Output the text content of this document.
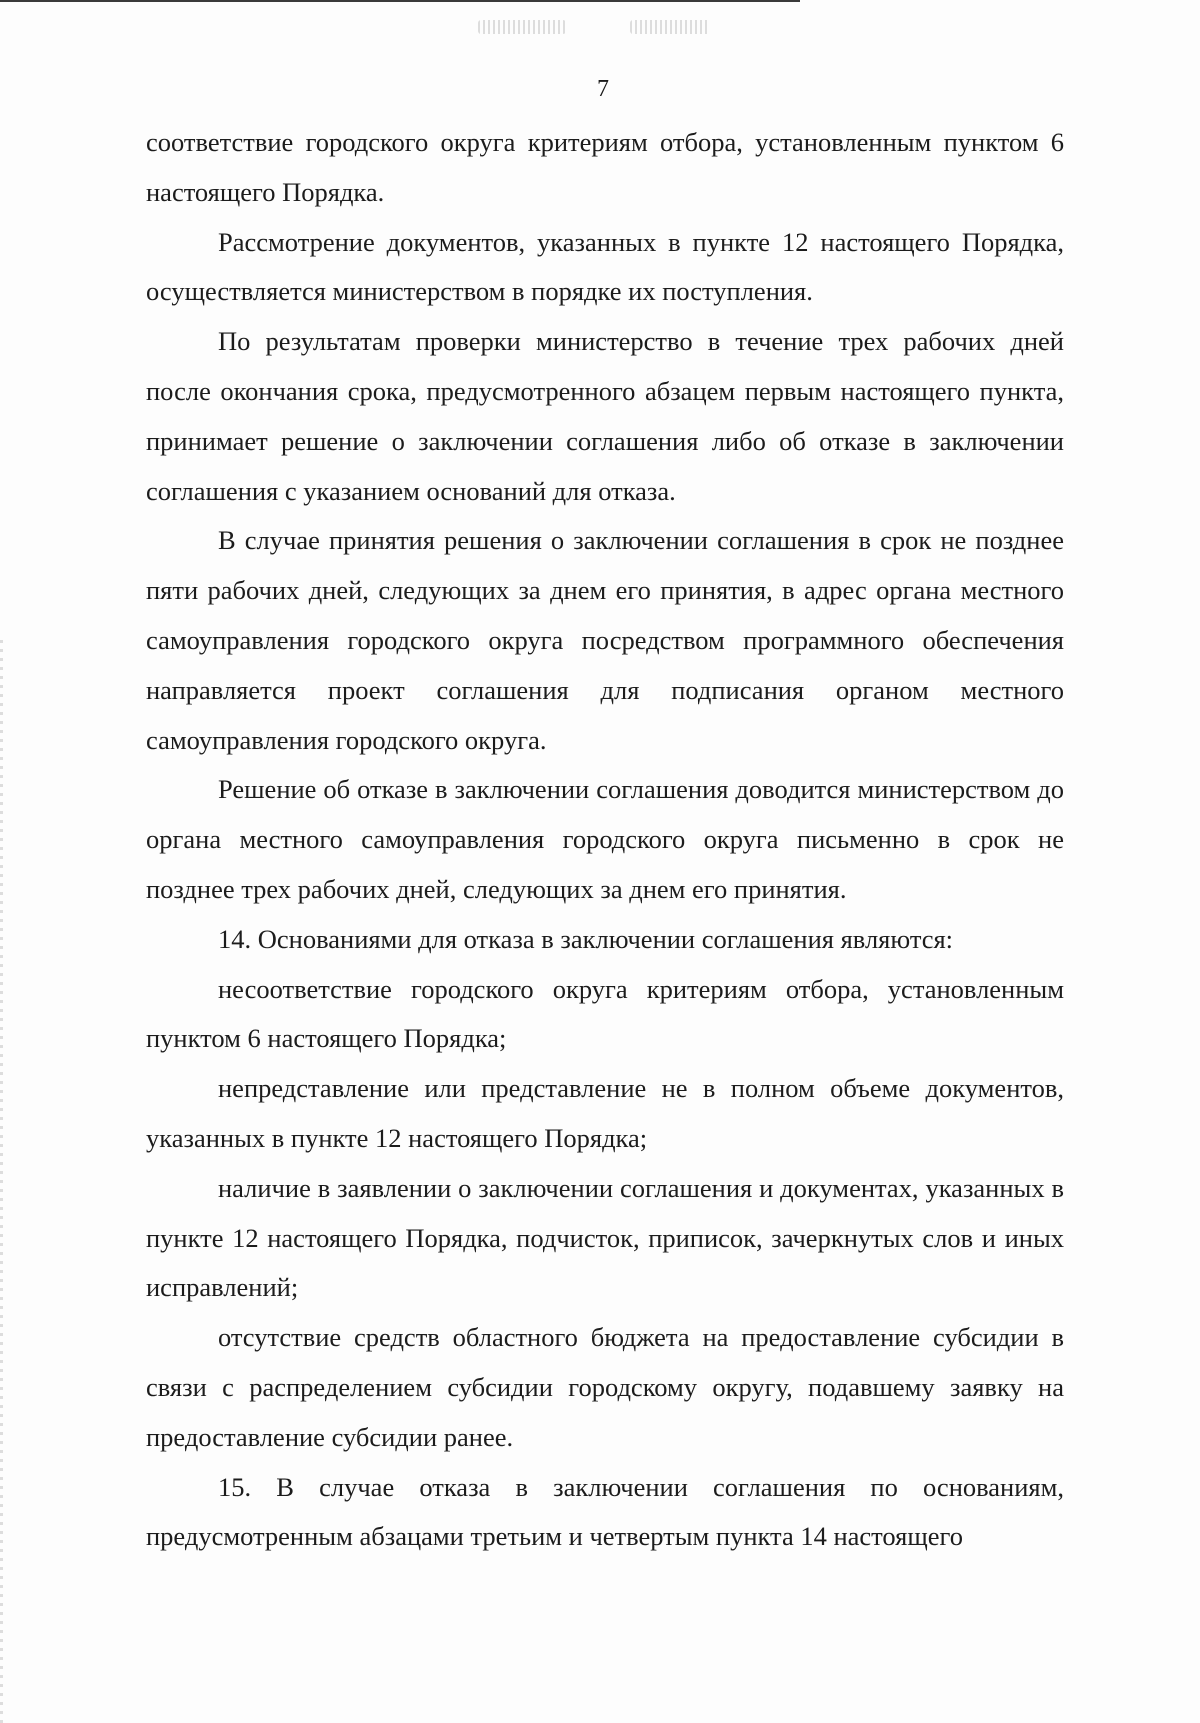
7

соответствие городского округа критериям отбора, установленным пунктом 6 настоящего Порядка.

Рассмотрение документов, указанных в пункте 12 настоящего Порядка, осуществляется министерством в порядке их поступления.

По результатам проверки министерство в течение трех рабочих дней после окончания срока, предусмотренного абзацем первым настоящего пункта, принимает решение о заключении соглашения либо об отказе в заключении соглашения с указанием оснований для отказа.

В случае принятия решения о заключении соглашения в срок не позднее пяти рабочих дней, следующих за днем его принятия, в адрес органа местного самоуправления городского округа посредством программного обеспечения направляется проект соглашения для подписания органом местного самоуправления городского округа.

Решение об отказе в заключении соглашения доводится министерством до органа местного самоуправления городского округа письменно в срок не позднее трех рабочих дней, следующих за днем его принятия.

14. Основаниями для отказа в заключении соглашения являются:

несоответствие городского округа критериям отбора, установленным пунктом 6 настоящего Порядка;

непредставление или представление не в полном объеме документов, указанных в пункте 12 настоящего Порядка;

наличие в заявлении о заключении соглашения и документах, указанных в пункте 12 настоящего Порядка, подчисток, приписок, зачеркнутых слов и иных исправлений;

отсутствие средств областного бюджета на предоставление субсидии в связи с распределением субсидии городскому округу, подавшему заявку на предоставление субсидии ранее.

15. В случае отказа в заключении соглашения по основаниям, предусмотренным абзацами третьим и четвертым пункта 14 настоящего
